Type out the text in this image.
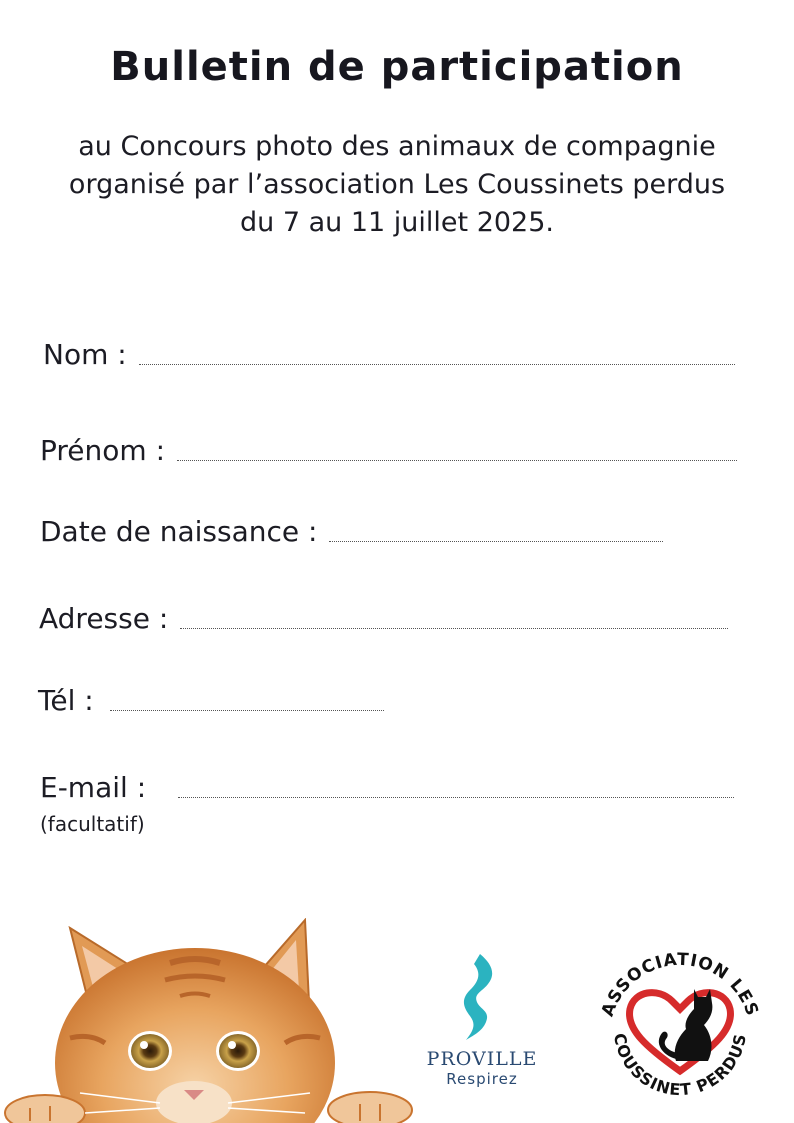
Bulletin de participation
au Concours photo des animaux de compagnie
organisé par l’association Les Coussinets perdus
du 7 au 11 juillet 2025.
Nom :
Prénom :
Date de naissance :
Adresse :
Tél :
E-mail :
(facultatif)
PROVILLE
Respirez
ASSOCIATION LES
COUSSINET PERDUS
